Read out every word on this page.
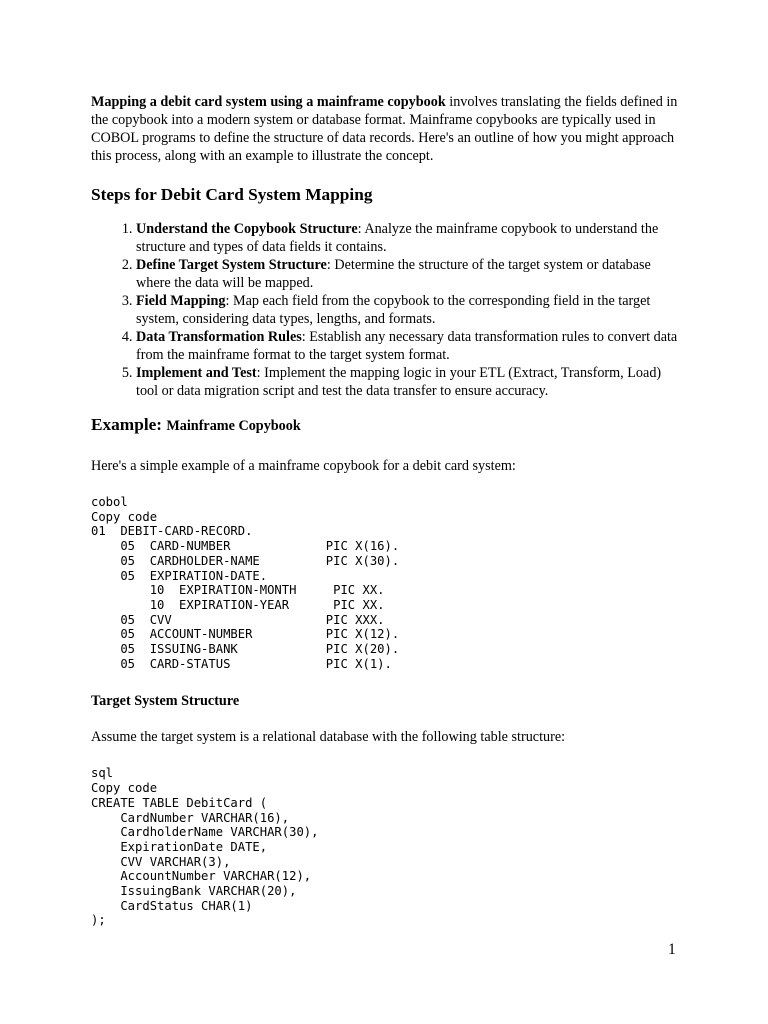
Mapping a debit card system using a mainframe copybook involves translating the fields defined in the copybook into a modern system or database format. Mainframe copybooks are typically used in COBOL programs to define the structure of data records. Here's an outline of how you might approach this process, along with an example to illustrate the concept.

Steps for Debit Card System Mapping
1. Understand the Copybook Structure: Analyze the mainframe copybook to understand the structure and types of data fields it contains.
2. Define Target System Structure: Determine the structure of the target system or database where the data will be mapped.
3. Field Mapping: Map each field from the copybook to the corresponding field in the target system, considering data types, lengths, and formats.
4. Data Transformation Rules: Establish any necessary data transformation rules to convert data from the mainframe format to the target system format.
5. Implement and Test: Implement the mapping logic in your ETL (Extract, Transform, Load) tool or data migration script and test the data transfer to ensure accuracy.
Example: Mainframe Copybook

Here's a simple example of a mainframe copybook for a debit card system:

cobol
Copy code
01  DEBIT-CARD-RECORD.
05  CARD-NUMBER             PIC X(16).
05  CARDHOLDER-NAME         PIC X(30).
05  EXPIRATION-DATE.
10  EXPIRATION-MONTH     PIC XX.
10  EXPIRATION-YEAR      PIC XX.
05  CVV                     PIC XXX.
05  ACCOUNT-NUMBER          PIC X(12).
05  ISSUING-BANK            PIC X(20).
05  CARD-STATUS             PIC X(1).
Target System Structure

Assume the target system is a relational database with the following table structure:

sql
Copy code
CREATE TABLE DebitCard (
CardNumber VARCHAR(16),
CardholderName VARCHAR(30),
ExpirationDate DATE,
CVV VARCHAR(3),
AccountNumber VARCHAR(12),
IssuingBank VARCHAR(20),
CardStatus CHAR(1)
);
1
